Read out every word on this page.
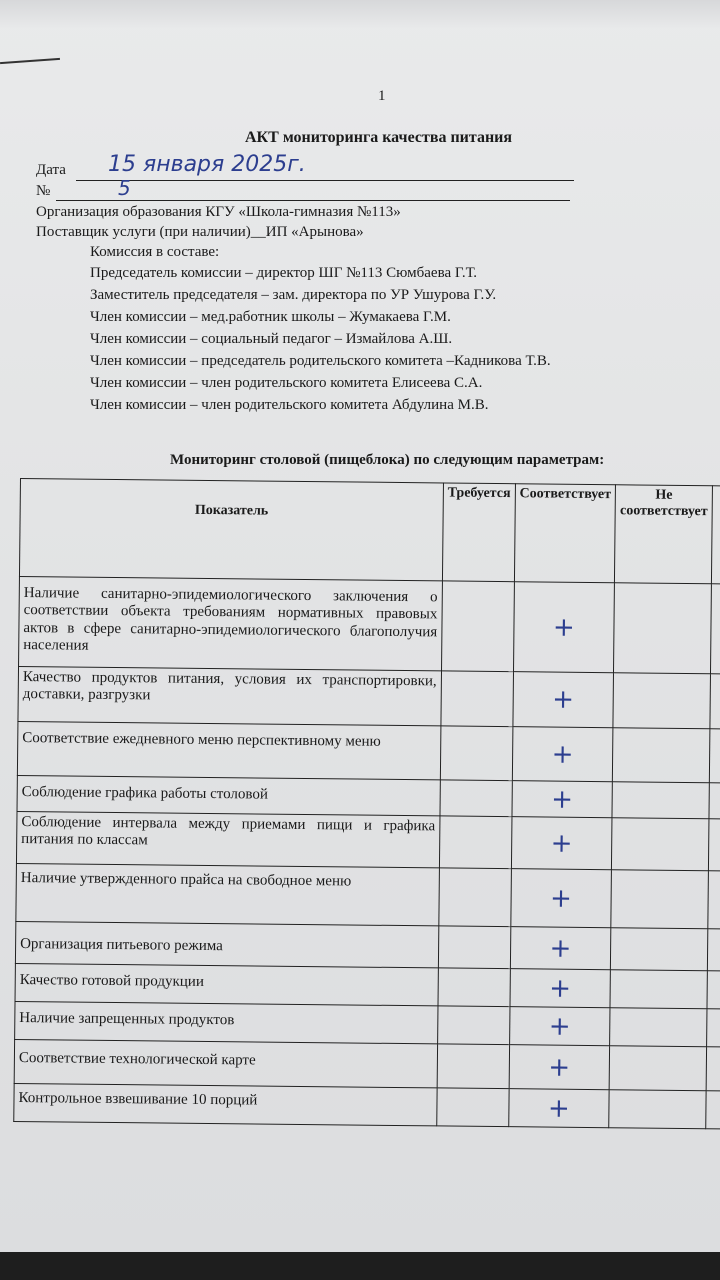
1
АКТ мониторинга качества питания
Дата 15 января 2025г.
№	5
Организация образования КГУ «Школа-гимназия №113»
Поставщик услуги (при наличии)__ИП «Арынова»
Комиссия в составе:
Председатель комиссии – директор ШГ №113 Сюмбаева Г.Т.
Заместитель председателя – зам. директора по УР Ушурова Г.У.
Член комиссии – мед.работник школы – Жумакаева Г.М.
Член комиссии – социальный педагог – Измайлова А.Ш.
Член комиссии – председатель родительского комитета –Кадникова Т.В.
Член комиссии – член родительского комитета Елисеева С.А.
Член комиссии – член родительского комитета Абдулина М.В.
Мониторинг столовой (пищеблока) по следующим параметрам:
Показатель	Требуется	Соответствует	Не соответствует	
Наличие санитарно-эпидемиологического заключения о соответствии объекта требованиям нормативных правовых актов в сфере санитарно-эпидемиологического благополучия населения		+		
Качество продуктов питания, условия их транспортировки, доставки, разгрузки		+		
Соответствие ежедневного меню перспективному меню		+		
Соблюдение графика работы столовой		+		
Соблюдение интервала между приемами пищи и графика питания по классам		+		
Наличие утвержденного прайса на свободное меню		+		
Организация питьевого режима		+		
Качество готовой продукции		+		
Наличие запрещенных продуктов		+		
Соответствие технологической карте		+		
Контрольное взвешивание 10 порций		+		
